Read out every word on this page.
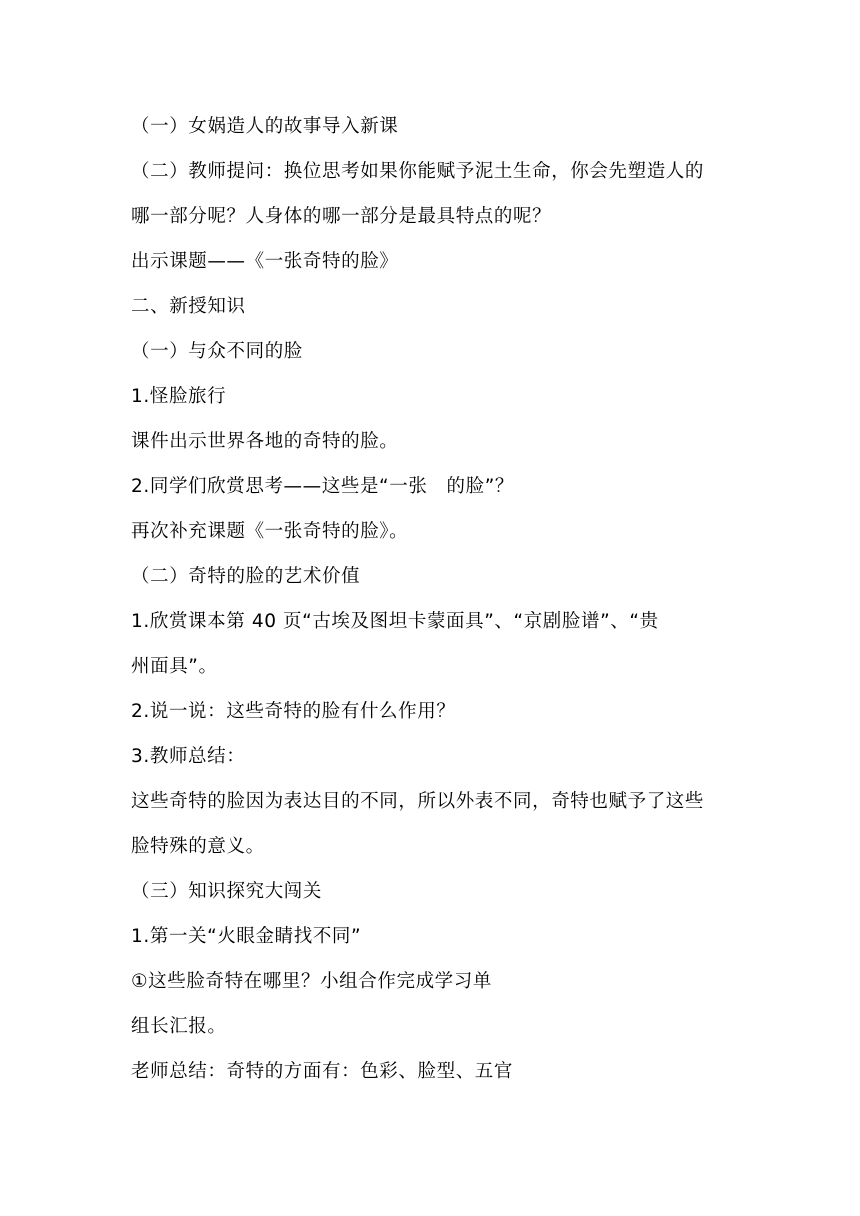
（一）女娲造人的故事导入新课
（二）教师提问：换位思考如果你能赋予泥土生命，你会先塑造人的
哪一部分呢？人身体的哪一部分是最具特点的呢？
出示课题——《一张奇特的脸》
二、新授知识
（一）与众不同的脸
1.怪脸旅行
课件出示世界各地的奇特的脸。
2.同学们欣赏思考——这些是“一张　的脸”？
再次补充课题《一张奇特的脸》。
（二）奇特的脸的艺术价值
1.欣赏课本第 40 页“古埃及图坦卡蒙面具”、“京剧脸谱”、“贵
州面具”。
2.说一说：这些奇特的脸有什么作用？
3.教师总结：
这些奇特的脸因为表达目的不同，所以外表不同，奇特也赋予了这些
脸特殊的意义。
（三）知识探究大闯关
1.第一关“火眼金睛找不同”
①这些脸奇特在哪里？小组合作完成学习单
组长汇报。
老师总结：奇特的方面有：色彩、脸型、五官
